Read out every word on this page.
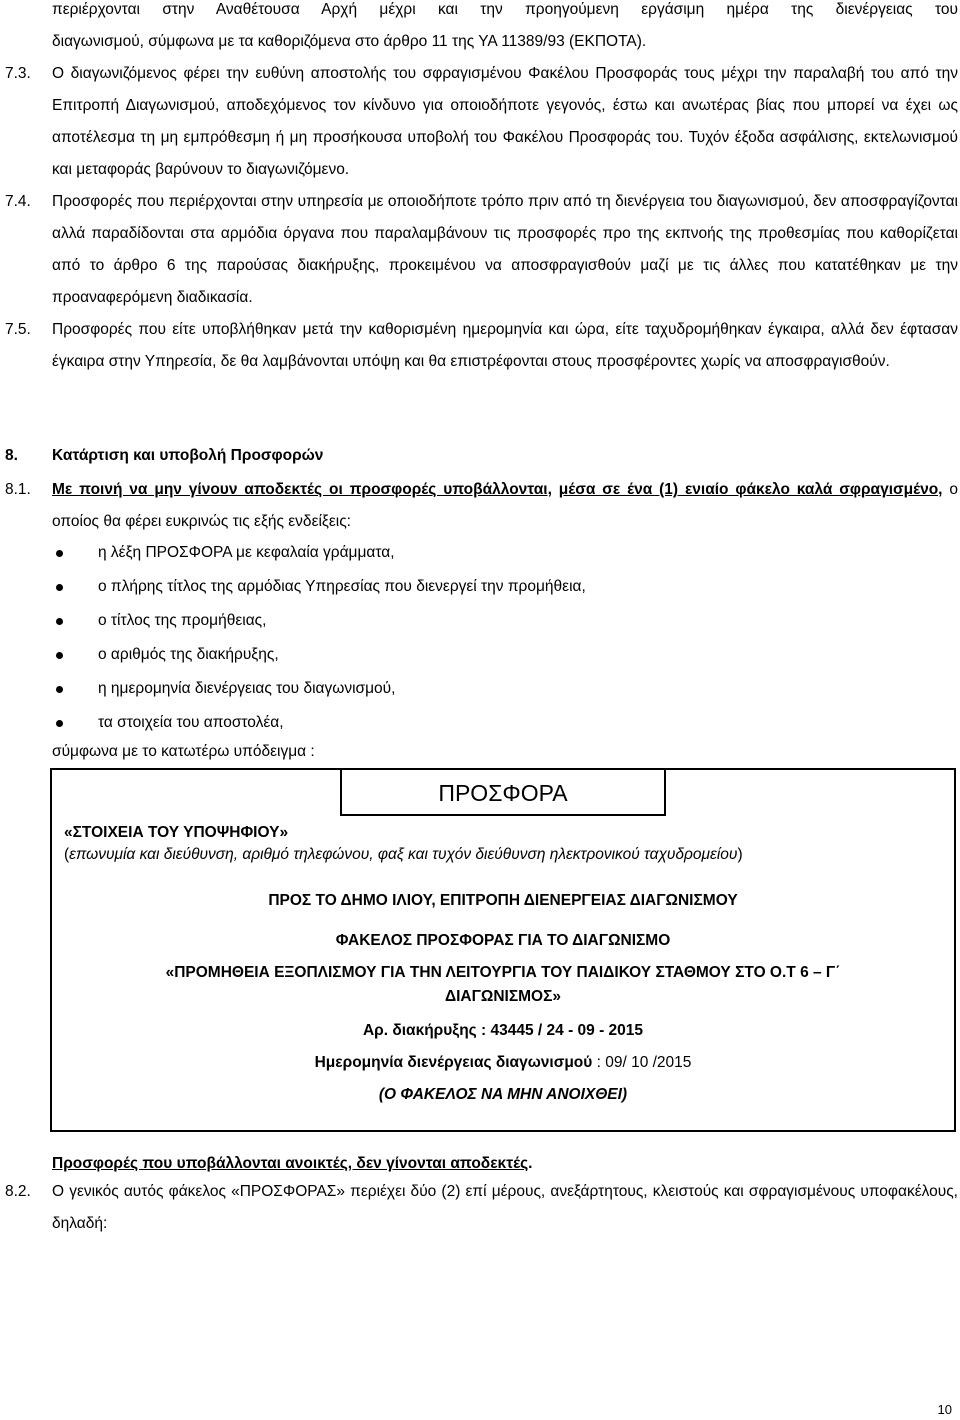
περιέρχονται στην Αναθέτουσα Αρχή μέχρι και την προηγούμενη εργάσιμη ημέρα της διενέργειας του
διαγωνισμού, σύμφωνα με τα καθοριζόμενα στο άρθρο 11 της ΥΑ 11389/93 (ΕΚΠΟΤΑ).
7.3.	Ο διαγωνιζόμενος φέρει την ευθύνη αποστολής του σφραγισμένου Φακέλου Προσφοράς τους μέχρι την παραλαβή του από την Επιτροπή Διαγωνισμού, αποδεχόμενος τον κίνδυνο για οποιοδήποτε γεγονός, έστω και ανωτέρας βίας που μπορεί να έχει ως αποτέλεσμα τη μη εμπρόθεσμη ή μη προσήκουσα υποβολή του Φακέλου Προσφοράς του. Τυχόν έξοδα ασφάλισης, εκτελωνισμού και μεταφοράς βαρύνουν το διαγωνιζόμενο.
7.4.	Προσφορές που περιέρχονται στην υπηρεσία με οποιοδήποτε τρόπο πριν από τη διενέργεια του διαγωνισμού, δεν αποσφραγίζονται αλλά παραδίδονται στα αρμόδια όργανα που παραλαμβάνουν τις προσφορές προ της εκπνοής της προθεσμίας που καθορίζεται από το άρθρο 6 της παρούσας διακήρυξης, προκειμένου να αποσφραγισθούν μαζί με τις άλλες που κατατέθηκαν με την προαναφερόμενη διαδικασία.
7.5.	Προσφορές που είτε υποβλήθηκαν μετά την καθορισμένη ημερομηνία και ώρα, είτε ταχυδρομήθηκαν έγκαιρα, αλλά δεν έφτασαν έγκαιρα στην Υπηρεσία, δε θα λαμβάνονται υπόψη και θα επιστρέφονται στους προσφέροντες χωρίς να αποσφραγισθούν.
8.	Κατάρτιση και υποβολή Προσφορών
8.1.	Με ποινή να μην γίνουν αποδεκτές οι προσφορές υποβάλλονται, μέσα σε ένα (1) ενιαίο φάκελο καλά σφραγισμένο, ο οποίος θα φέρει ευκρινώς τις εξής ενδείξεις:
η λέξη ΠΡΟΣΦΟΡΑ με κεφαλαία γράμματα,
ο πλήρης τίτλος της αρμόδιας Υπηρεσίας που διενεργεί την προμήθεια,
ο τίτλος της προμήθειας,
ο αριθμός της διακήρυξης,
η ημερομηνία διενέργειας του διαγωνισμού,
τα στοιχεία του αποστολέα,
σύμφωνα με το κατωτέρω υπόδειγμα :
ΠΡΟΣΦΟΡΑ
«ΣΤΟΙΧΕΙΑ ΤΟΥ ΥΠΟΨΗΦΙΟΥ»
(επωνυμία και διεύθυνση, αριθμό τηλεφώνου, φαξ και τυχόν διεύθυνση ηλεκτρονικού ταχυδρομείου)
ΠΡΟΣ ΤΟ ΔΗΜΟ ΙΛΙΟΥ, ΕΠΙΤΡΟΠΗ ΔΙΕΝΕΡΓΕΙΑΣ ΔΙΑΓΩΝΙΣΜΟΥ
ΦΑΚΕΛΟΣ ΠΡΟΣΦΟΡΑΣ ΓΙΑ ΤΟ ΔΙΑΓΩΝΙΣΜΟ
«ΠΡΟΜΗΘΕΙΑ ΕΞΟΠΛΙΣΜΟΥ ΓΙΑ ΤΗΝ ΛΕΙΤΟΥΡΓΙΑ ΤΟΥ ΠΑΙΔΙΚΟΥ ΣΤΑΘΜΟΥ ΣΤΟ Ο.Τ 6 – Γ΄
ΔΙΑΓΩΝΙΣΜΟΣ»
Αρ. διακήρυξης : 43445 / 24 - 09 - 2015
Ημερομηνία διενέργειας διαγωνισμού : 09/ 10 /2015
(Ο ΦΑΚΕΛΟΣ ΝΑ ΜΗΝ ΑΝΟΙΧΘΕΙ)
Προσφορές που υποβάλλονται ανοικτές, δεν γίνονται αποδεκτές.
8.2.	Ο γενικός αυτός φάκελος «ΠΡΟΣΦΟΡΑΣ» περιέχει δύο (2) επί μέρους, ανεξάρτητους, κλειστούς και σφραγισμένους υποφακέλους, δηλαδή:
10
